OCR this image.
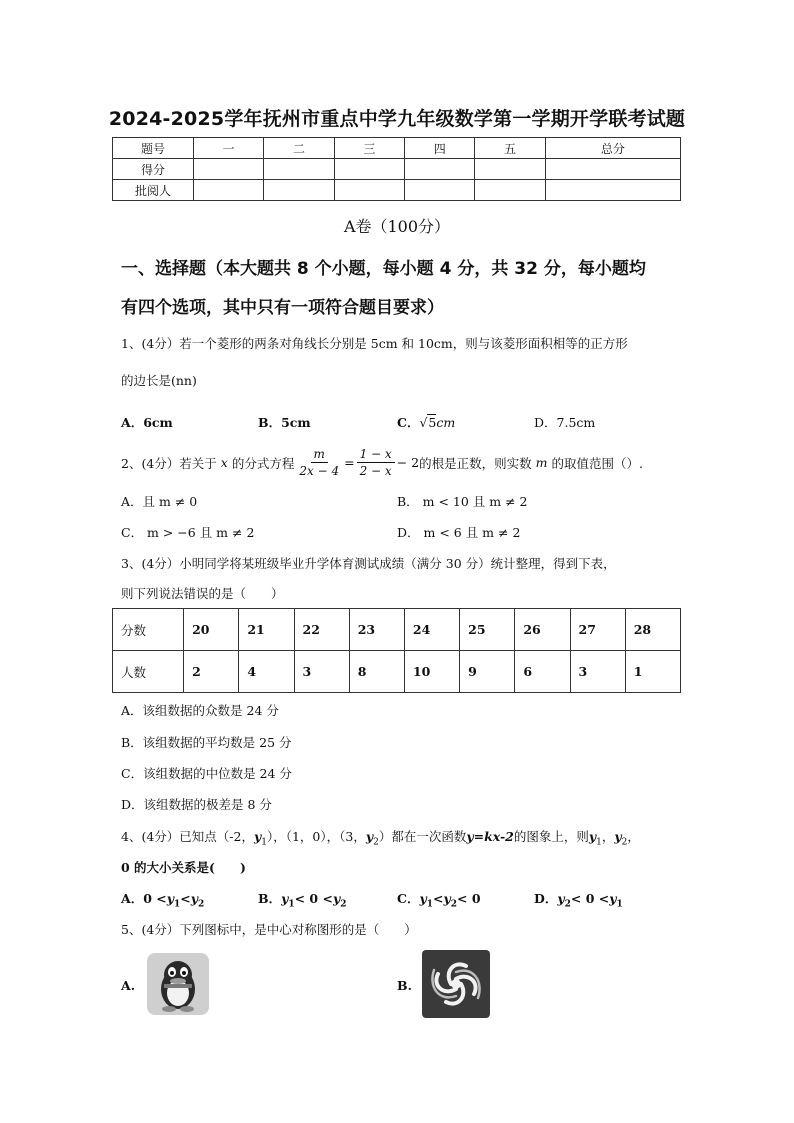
2024-2025学年抚州市重点中学九年级数学第一学期开学联考试题
题号	一	二	三	四	五	总分
得分						
批阅人						
A卷（100分）
一、选择题（本大题共 8 个小题，每小题 4 分，共 32 分，每小题均
有四个选项，其中只有一项符合题目要求）
1、(4分）若一个菱形的两条对角线长分别是 5cm 和 10cm，则与该菱形面积相等的正方形
的边长是(nn)
A．6cm	B．5cm	C．√5cm	D．7.5cm
2、(4分）若关于 x 的分式方程 $\frac{m}{2x - 4} = \frac{1 - x}{2 - x} - 2$ 的根是正数，则实数 m 的取值范围（）.
A．且 m ≠ 0	B． m < 10 且 m ≠ 2
C． m > −6 且 m ≠ 2	D． m < 6 且 m ≠ 2
3、(4分）小明同学将某班级毕业升学体育测试成绩（满分 30 分）统计整理，得到下表，
则下列说法错误的是（　　）
分数	20	21	22	23	24	25	26	27	28
人数	2	4	3	8	10	9	6	3	1
A．该组数据的众数是 24 分
B．该组数据的平均数是 25 分
C．该组数据的中位数是 24 分
D．该组数据的极差是 8 分
4、(4分）已知点（-2，$y_1$），（1，0），（3，$y_2$）都在一次函数y=kx-2的图象上，则$y_1$，$y_2$，
0 的大小关系是(　　)
A．$0 <y_1<y_2$	B．$y_1< 0 <y_2$	C．$y_1<y_2< 0$	D．$y_2< 0 <y_1$
5、(4分）下列图标中，是中心对称图形的是（　　）
A.	B.
